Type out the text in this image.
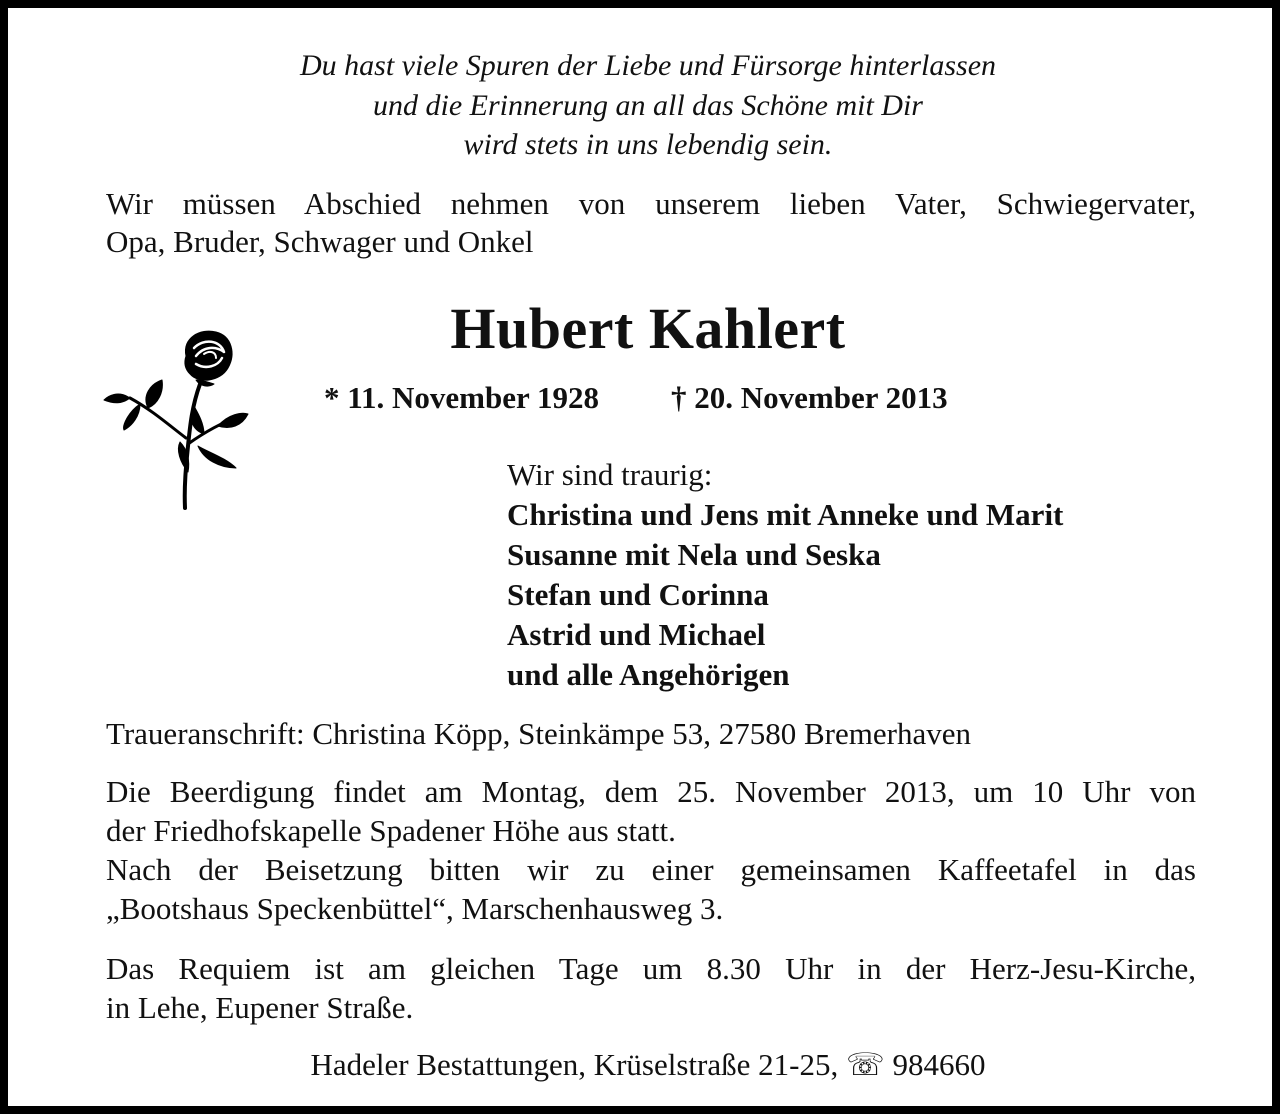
Du hast viele Spuren der Liebe und Fürsorge hinterlassen
und die Erinnerung an all das Schöne mit Dir
wird stets in uns lebendig sein.
Wir müssen Abschied nehmen von unserem lieben Vater, Schwiegervater,
Opa, Bruder, Schwager und Onkel
Hubert Kahlert
* 11. November 1928 † 20. November 2013
Wir sind traurig:
Christina und Jens mit Anneke und Marit
Susanne mit Nela und Seska
Stefan und Corinna
Astrid und Michael
und alle Angehörigen
Traueranschrift: Christina Köpp, Steinkämpe 53, 27580 Bremerhaven
Die Beerdigung findet am Montag, dem 25. November 2013, um 10 Uhr von
der Friedhofskapelle Spadener Höhe aus statt.
Nach der Beisetzung bitten wir zu einer gemeinsamen Kaffeetafel in das
„Bootshaus Speckenbüttel“, Marschenhausweg 3.
Das Requiem ist am gleichen Tage um 8.30 Uhr in der Herz-Jesu-Kirche,
in Lehe, Eupener Straße.
Hadeler Bestattungen, Krüselstraße 21-25, ☏ 984660
